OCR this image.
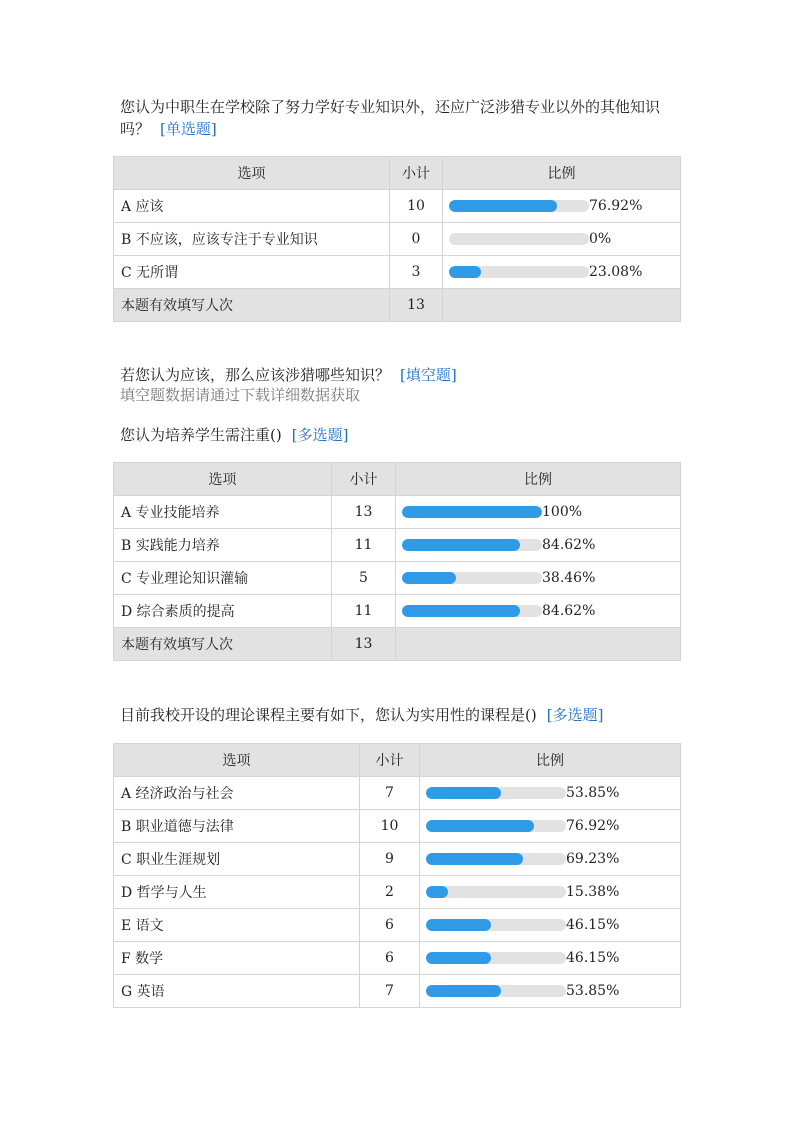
您认为中职生在学校除了努力学好专业知识外，还应广泛涉猎专业以外的其他知识吗？ [单选题]
选项	小计	比例
A 应该	10	76.92%

B 不应该，应该专注于专业知识	0	0%

C 无所谓	3	23.08%

本题有效填写人次	13	
若您认为应该，那么应该涉猎哪些知识？ [填空题]
填空题数据请通过下载详细数据获取
您认为培养学生需注重() [多选题]
选项	小计	比例
A 专业技能培养	13	100%

B 实践能力培养	11	84.62%

C 专业理论知识灌输	5	38.46%

D 综合素质的提高	11	84.62%

本题有效填写人次	13	
目前我校开设的理论课程主要有如下，您认为实用性的课程是() [多选题]
选项	小计	比例
A 经济政治与社会	7	53.85%

B 职业道德与法律	10	76.92%

C 职业生涯规划	9	69.23%

D 哲学与人生	2	15.38%

E 语文	6	46.15%

F 数学	6	46.15%

G 英语	7	53.85%
